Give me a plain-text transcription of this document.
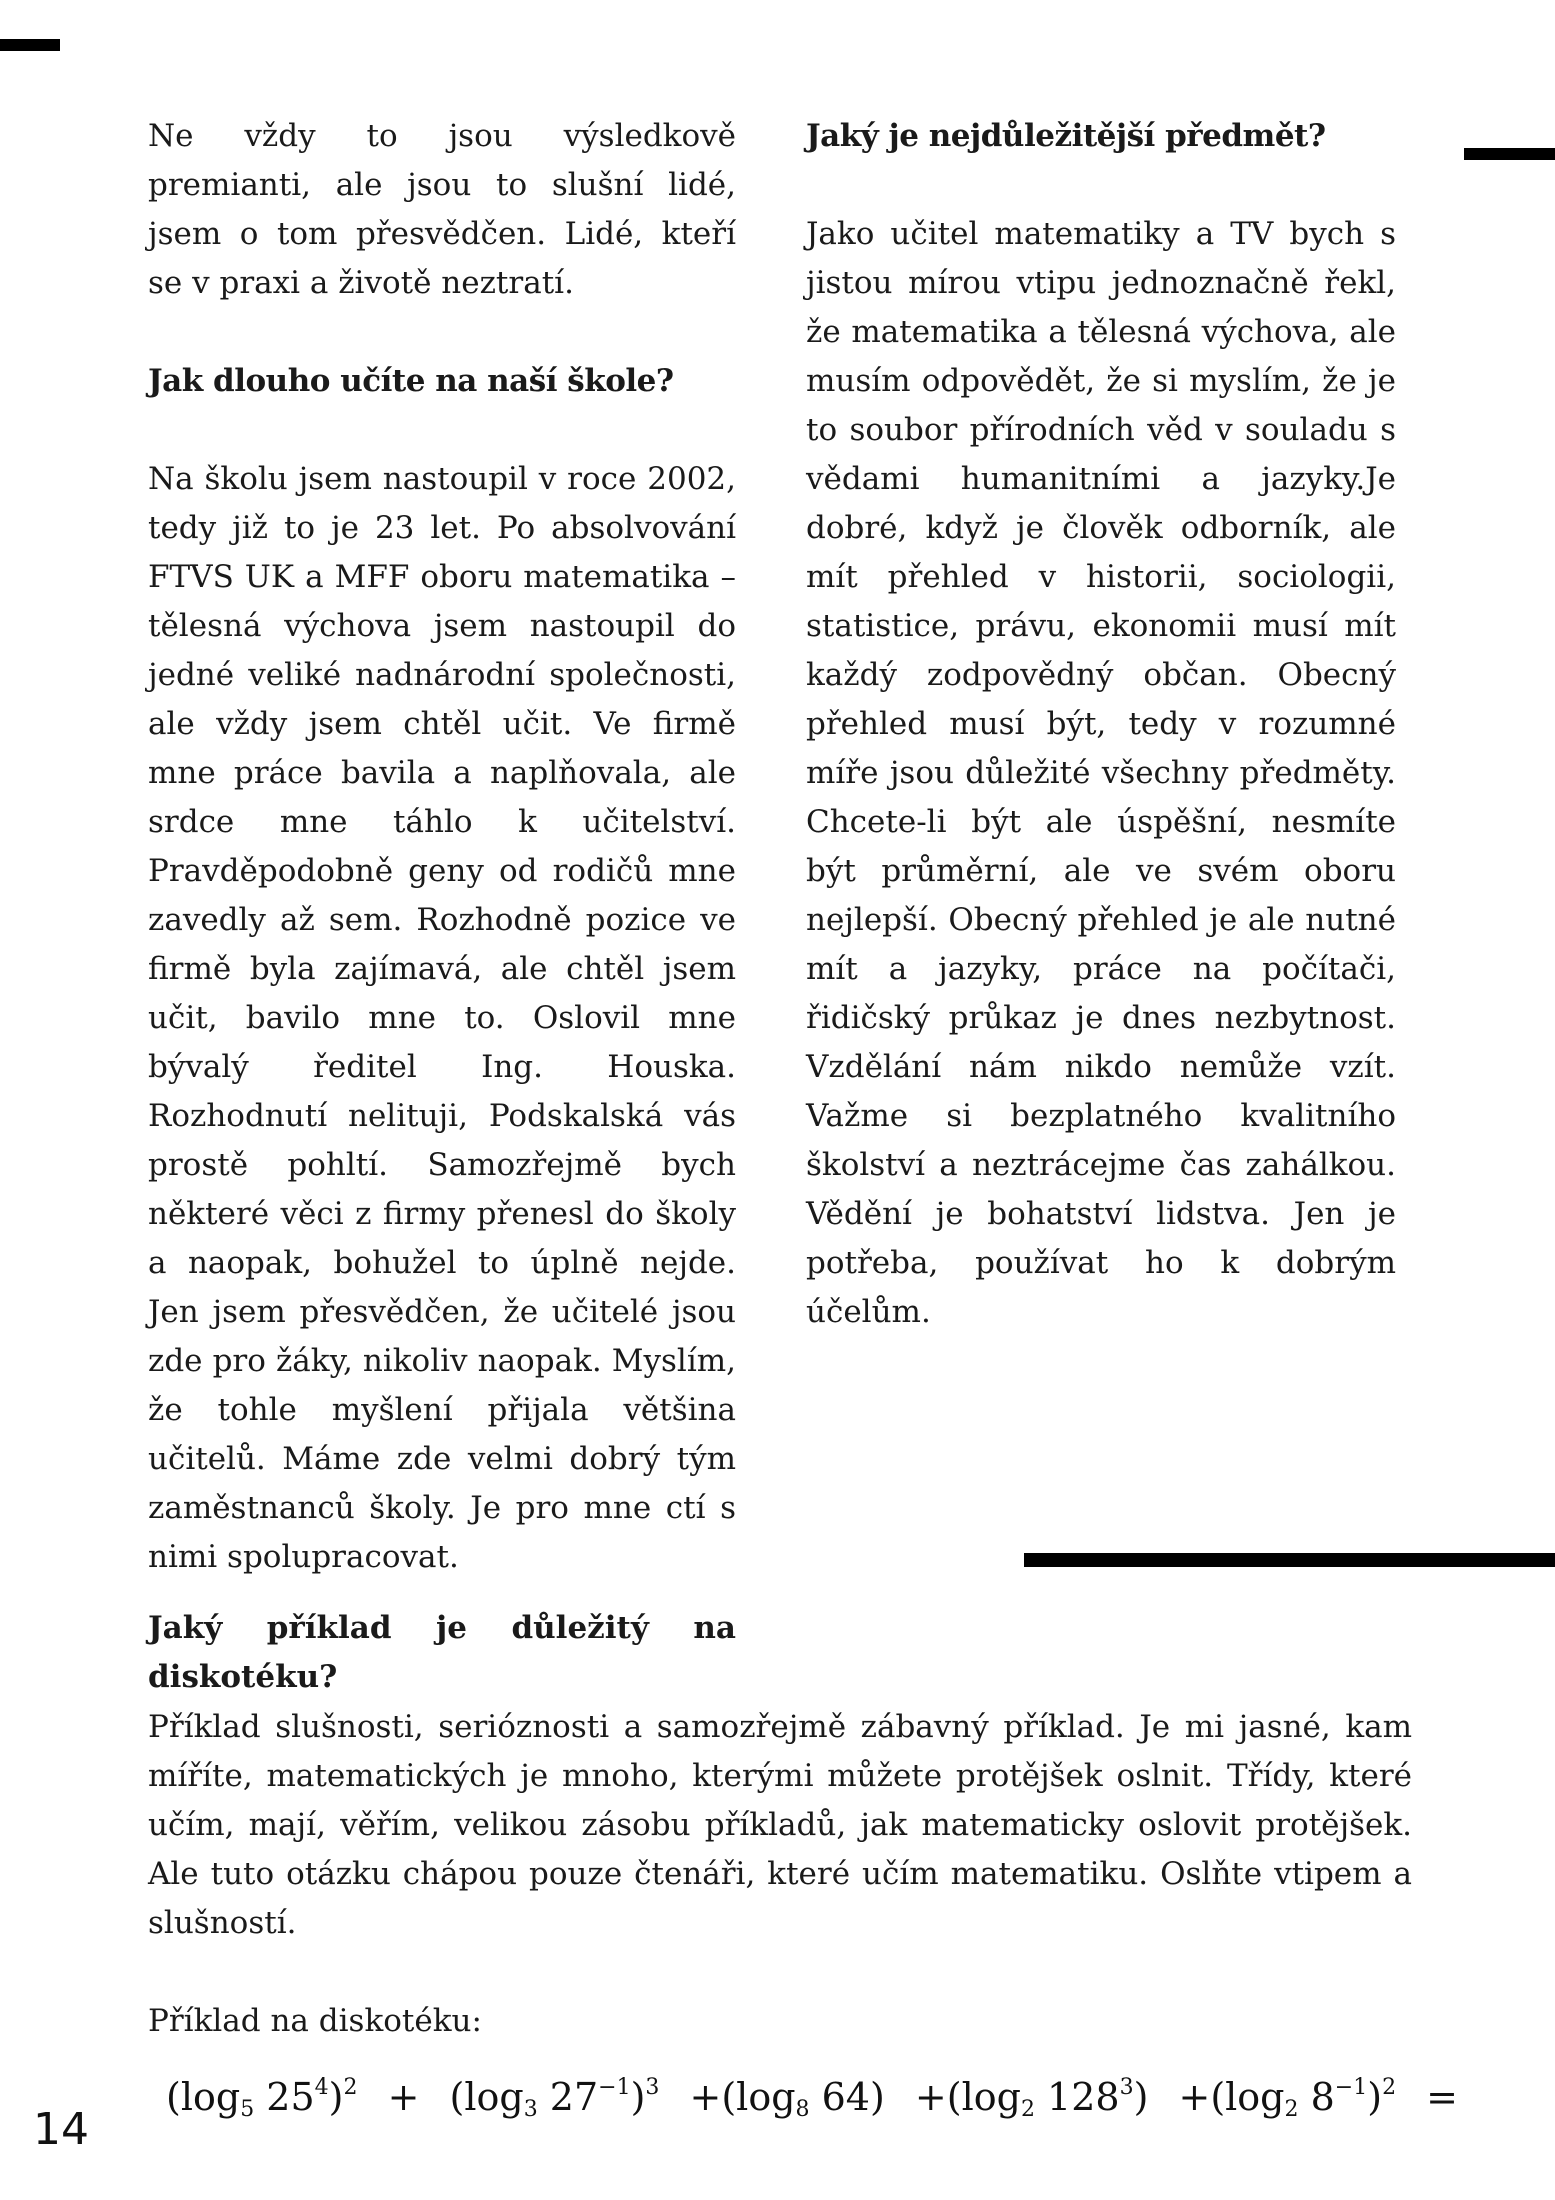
Ne vždy to jsou výsledkově premianti, ale jsou to slušní lidé, jsem o tom přesvědčen. Lidé, kteří se v praxi a životě neztratí.

Jak dlouho učíte na naší škole?

Na školu jsem nastoupil v roce 2002, tedy již to je 23 let. Po absolvování FTVS UK a MFF oboru matematika – tělesná výchova jsem nastoupil do jedné veliké nadnárodní společnosti, ale vždy jsem chtěl učit. Ve firmě mne práce bavila a naplňovala, ale srdce mne táhlo k učitelství. Pravděpodobně geny od rodičů mne zavedly až sem. Rozhodně pozice ve firmě byla zajímavá, ale chtěl jsem učit, bavilo mne to. Oslovil mne bývalý ředitel Ing. Houska. Rozhodnutí nelituji, Podskalská vás prostě pohltí. Samozřejmě bych některé věci z firmy přenesl do školy a naopak, bohužel to úplně nejde. Jen jsem přesvědčen, že učitelé jsou zde pro žáky, nikoliv naopak. Myslím, že tohle myšlení přijala většina učitelů. Máme zde velmi dobrý tým zaměstnanců školy. Je pro mne ctí s nimi spolupracovat.

Jaký je nejdůležitější předmět?

Jako učitel matematiky a TV bych s jistou mírou vtipu jednoznačně řekl, že matematika a tělesná výchova, ale musím odpovědět, že si myslím, že je to soubor přírodních věd v souladu s vědami humanitními a jazyky.Je dobré, když je člověk odborník, ale mít přehled v historii, sociologii, statistice, právu, ekonomii musí mít každý zodpovědný občan. Obecný přehled musí být, tedy v rozumné míře jsou důležité všechny předměty. Chcete-li být ale úspěšní, nesmíte být průměrní, ale ve svém oboru nejlepší. Obecný přehled je ale nutné mít a jazyky, práce na počítači, řidičský průkaz je dnes nezbytnost. Vzdělání nám nikdo nemůže vzít. Važme si bezplatného kvalitního školství a neztrácejme čas zahálkou. Vědění je bohatství lidstva. Jen je potřeba, používat ho k dobrým účelům.

Jaký příklad je důležitý na
diskotéku?

Příklad slušnosti, serióznosti a samozřejmě zábavný příklad. Je mi jasné, kam míříte, matematických je mnoho, kterými můžete protějšek oslnit. Třídy, které učím, mají, věřím, velikou zásobu příkladů, jak matematicky oslovit protějšek. Ale tuto otázku chápou pouze čtenáři, které učím matematiku. Oslňte vtipem a slušností.

Příklad na diskotéku:

($\log_5$ $25^4)^2 + (\log_3$ $27^{-1})^3 +(\log_8$ $64) +(\log_2$ $128^3) +(\log_2$ $8^{-1})^2$ =
14
